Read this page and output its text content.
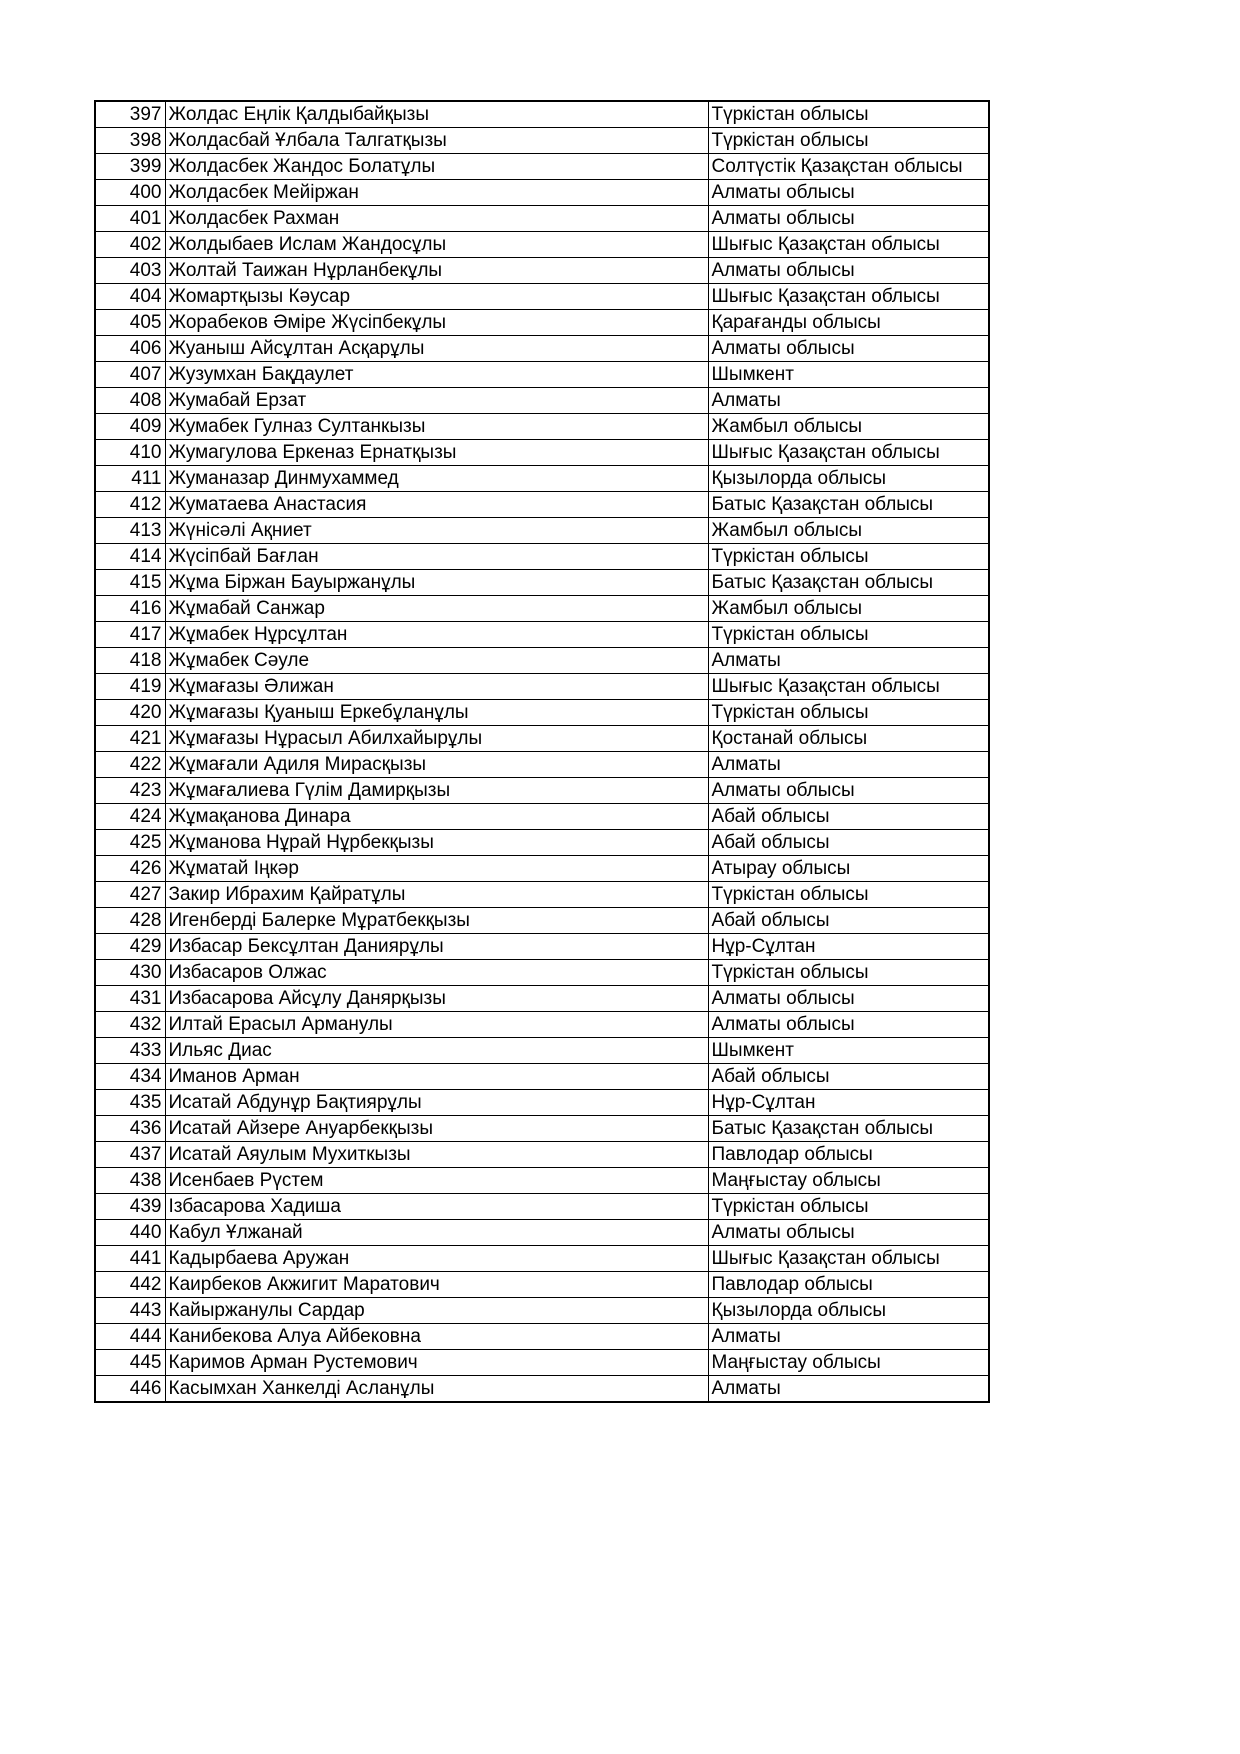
397	Жолдас Еңлік Қалдыбайқызы	Түркістан облысы
398	Жолдасбай Ұлбала Талгатқызы	Түркістан облысы
399	Жолдасбек Жандос Болатұлы	Солтүстік Қазақстан облысы
400	Жолдасбек Мейіржан	Алматы облысы
401	Жолдасбек Рахман	Алматы облысы
402	Жолдыбаев Ислам Жандосұлы	Шығыс Қазақстан облысы
403	Жолтай Таижан Нұрланбекұлы	Алматы облысы
404	Жомартқызы Кәусар	Шығыс Қазақстан облысы
405	Жорабеков Әміре Жүсіпбекұлы	Қарағанды облысы
406	Жуаныш Айсұлтан Асқарұлы	Алматы облысы
407	Жузумхан Бақдаулет	Шымкент
408	Жумабай Ерзат	Алматы
409	Жумабек Гулназ Султанкызы	Жамбыл облысы
410	Жумагулова Еркеназ Ернатқызы	Шығыс Қазақстан облысы
411	Жуманазар Динмухаммед	Қызылорда облысы
412	Жуматаева Анастасия	Батыс Қазақстан облысы
413	Жүнісәлі Ақниет	Жамбыл облысы
414	Жүсіпбай Бағлан	Түркістан облысы
415	Жұма Біржан Бауыржанұлы	Батыс Қазақстан облысы
416	Жұмабай Санжар	Жамбыл облысы
417	Жұмабек Нұрсұлтан	Түркістан облысы
418	Жұмабек Сәуле	Алматы
419	Жұмағазы Әлижан	Шығыс Қазақстан облысы
420	Жұмағазы Қуаныш Еркебұланұлы	Түркістан облысы
421	Жұмағазы Нұрасыл Абилхайырұлы	Қостанай облысы
422	Жұмағали Адиля Мирасқызы	Алматы
423	Жұмағалиева Гүлім Дамирқызы	Алматы облысы
424	Жұмақанова Динара	Абай облысы
425	Жұманова Нұрай Нұрбекқызы	Абай облысы
426	Жұматай Іңкәр	Атырау облысы
427	Закир Ибрахим Қайратұлы	Түркістан облысы
428	Игенберді Балерке Мұратбекқызы	Абай облысы
429	Избасар Бексұлтан Даниярұлы	Нұр-Сұлтан
430	Избасаров Олжас	Түркістан облысы
431	Избасарова Айсұлу Данярқызы	Алматы облысы
432	Илтай Ерасыл Арманулы	Алматы облысы
433	Ильяс Диас	Шымкент
434	Иманов Арман	Абай облысы
435	Исатай Абдунұр Бақтиярұлы	Нұр-Сұлтан
436	Исатай Айзере Ануарбекқызы	Батыс Қазақстан облысы
437	Исатай Аяулым Мухиткызы	Павлодар облысы
438	Исенбаев Рүстем	Маңғыстау облысы
439	Ізбасарова Хадиша	Түркістан облысы
440	Кабул Ұлжанай	Алматы облысы
441	Кадырбаева Аружан	Шығыс Қазақстан облысы
442	Каирбеков Акжигит Маратович	Павлодар облысы
443	Кайыржанулы Сардар	Қызылорда облысы
444	Канибекова Алуа Айбековна	Алматы
445	Каримов Арман Рустемович	Маңғыстау облысы
446	Касымхан Ханкелді Асланұлы	Алматы
